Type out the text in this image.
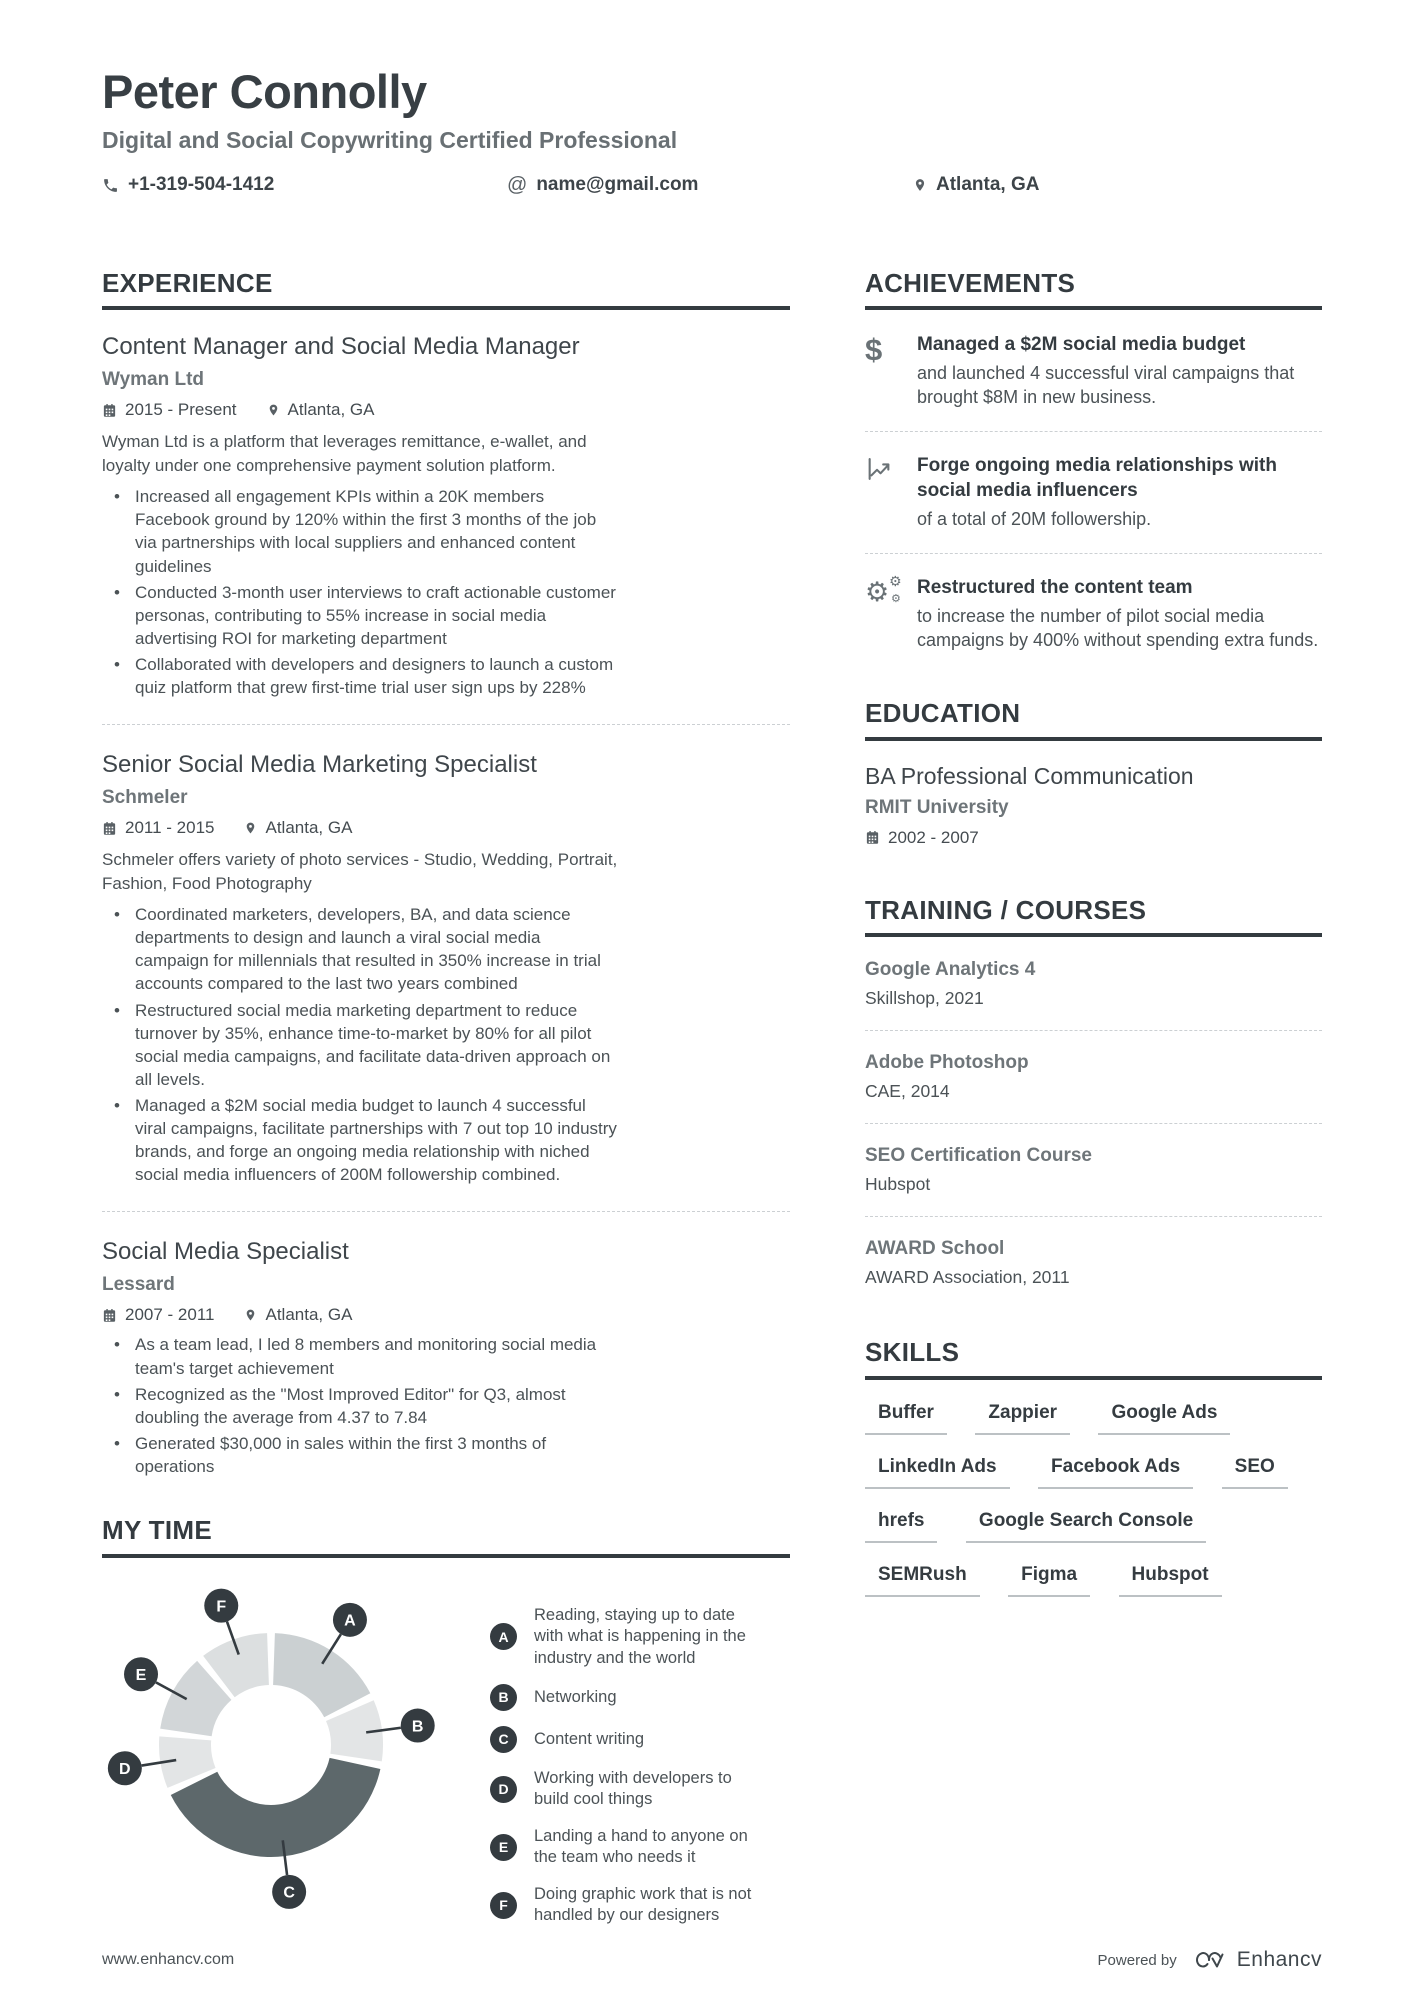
Peter Connolly
Digital and Social Copywriting Certified Professional
+1-319-504-1412	@ name@gmail.com	Atlanta, GA
EXPERIENCE
Content Manager and Social Media Manager
Wyman Ltd
2015 - Present	Atlanta, GA
Wyman Ltd is a platform that leverages remittance, e-wallet, and loyalty under one comprehensive payment solution platform.
• Increased all engagement KPIs within a 20K members Facebook ground by 120% within the first 3 months of the job via partnerships with local suppliers and enhanced content guidelines
• Conducted 3-month user interviews to craft actionable customer personas, contributing to 55% increase in social media advertising ROI for marketing department
• Collaborated with developers and designers to launch a custom quiz platform that grew first-time trial user sign ups by 228%
Senior Social Media Marketing Specialist
Schmeler
2011 - 2015	Atlanta, GA
Schmeler offers variety of photo services - Studio, Wedding, Portrait, Fashion, Food Photography
• Coordinated marketers, developers, BA, and data science departments to design and launch a viral social media campaign for millennials that resulted in 350% increase in trial accounts compared to the last two years combined
• Restructured social media marketing department to reduce turnover by 35%, enhance time-to-market by 80% for all pilot social media campaigns, and facilitate data-driven approach on all levels.
• Managed a $2M social media budget to launch 4 successful viral campaigns, facilitate partnerships with 7 out top 10 industry brands, and forge an ongoing media relationship with niched social media influencers of 200M followership combined.
Social Media Specialist
Lessard
2007 - 2011	Atlanta, GA
• As a team lead, I led 8 members and monitoring social media team's target achievement
• Recognized as the "Most Improved Editor" for Q3, almost doubling the average from 4.37 to 7.84
• Generated $30,000 in sales within the first 3 months of operations
MY TIME
A
B
C
D
E
F
A
Reading, staying up to date with what is happening in the industry and the world
B	Networking
C	Content writing
D
Working with developers to build cool things
E
Landing a hand to anyone on the team who needs it
F
Doing graphic work that is not handled by our designers
ACHIEVEMENTS
$	Managed a $2M social media budget
and launched 4 successful viral campaigns that brought $8M in new business.
Forge ongoing media relationships with social media influencers
of a total of 20M followership.
⚙ ⚙
⚙
Restructured the content team
to increase the number of pilot social media campaigns by 400% without spending extra funds.
EDUCATION
BA Professional Communication
RMIT University
2002 - 2007
TRAINING / COURSES
Google Analytics 4
Skillshop, 2021
Adobe Photoshop
CAE, 2014
SEO Certification Course
Hubspot
AWARD School
AWARD Association, 2011
SKILLS
Buffer	Zappier	Google Ads
LinkedIn Ads	Facebook Ads	SEO
hrefs	Google Search Console
SEMRush	Figma	Hubspot
www.enhancv.com	Powered by	Enhancv
